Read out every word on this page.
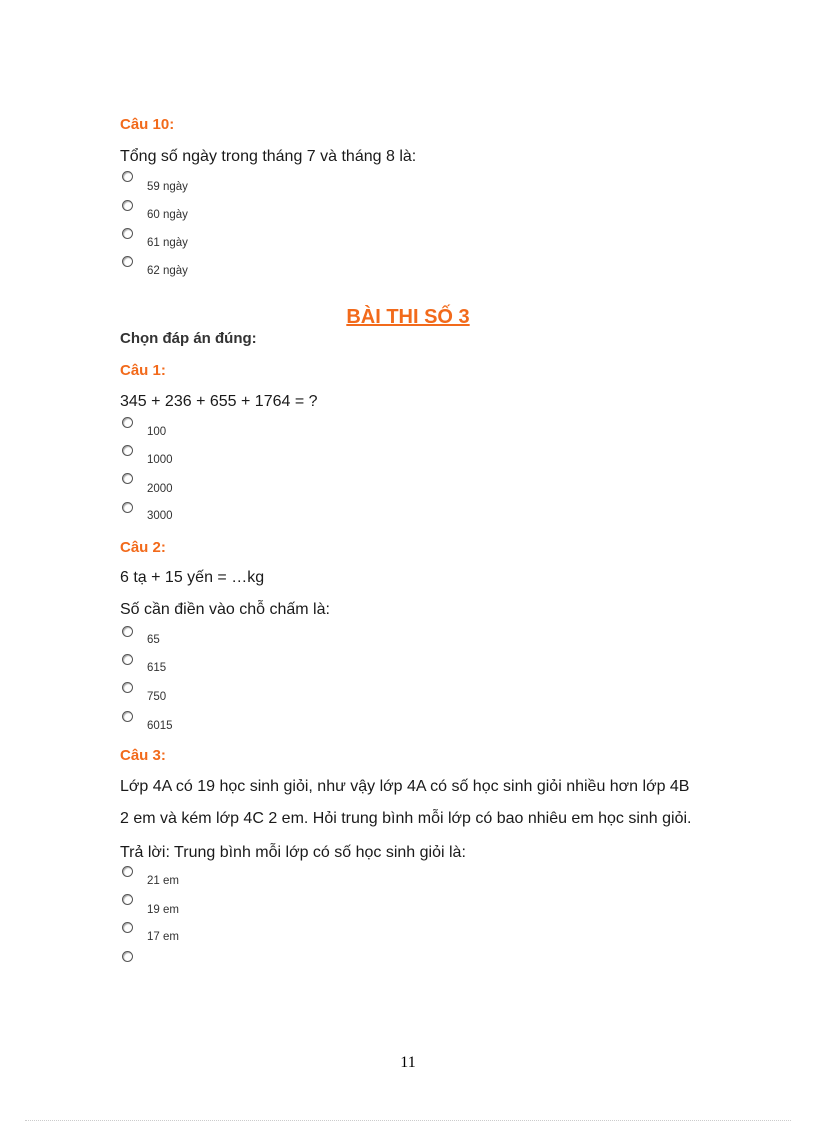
Câu 10:
Tổng số ngày trong tháng 7 và tháng 8 là:
59 ngày
60 ngày
61 ngày
62 ngày
BÀI THI SỐ 3
Chọn đáp án đúng:
Câu 1:
345 + 236 + 655 + 1764 = ?
100
1000
2000
3000
Câu 2:
6 tạ + 15 yến = …kg
Số cần điền vào chỗ chấm là:
65
615
750
6015
Câu 3:
Lớp 4A có 19 học sinh giỏi, như vậy lớp 4A có số học sinh giỏi nhiều hơn lớp 4B
2 em và kém lớp 4C 2 em. Hỏi trung bình mỗi lớp có bao nhiêu em học sinh giỏi.
Trả lời: Trung bình mỗi lớp có số học sinh giỏi là:
21 em
19 em
17 em
11
